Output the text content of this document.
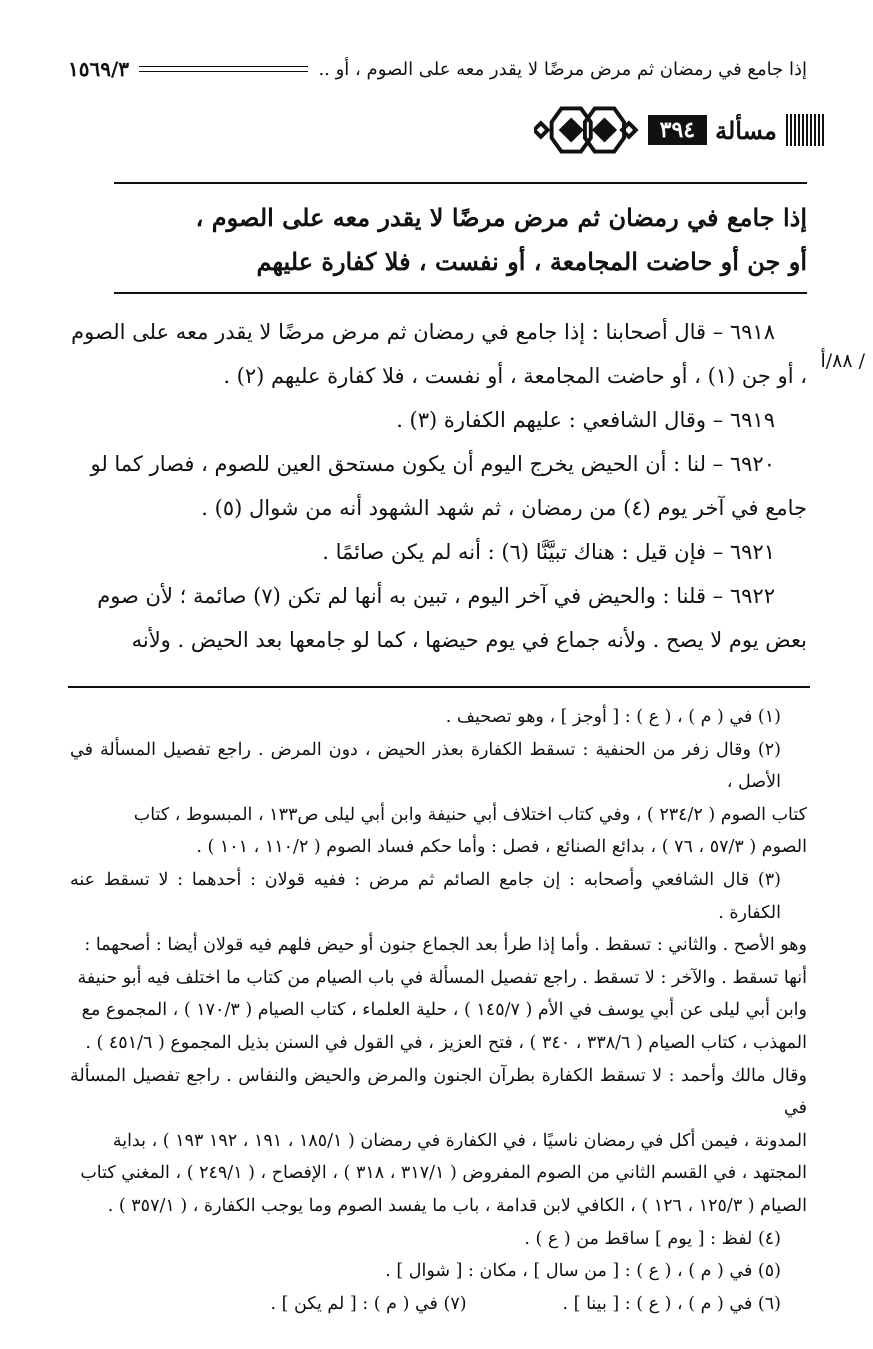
إذا جامع في رمضان ثم مرض مرضًا لا يقدر معه على الصوم ، أو ..
١٥٦٩/٣
مسألة
٣٩٤
إذا جامع في رمضان ثم مرض مرضًا لا يقدر معه على الصوم ،
أو جن أو حاضت المجامعة ، أو نفست ، فلا كفارة عليهم
٨٨/أ /
٦٩١٨ – قال أصحابنا : إذا جامع في رمضان ثم مرض مرضًا لا يقدر معه على الصوم
، أو جن (١) ، أو حاضت المجامعة ، أو نفست ، فلا كفارة عليهم (٢) .
٦٩١٩ – وقال الشافعي : عليهم الكفارة (٣) .
٦٩٢٠ – لنا : أن الحيض يخرج اليوم أن يكون مستحق العين للصوم ، فصار كما لو
جامع في آخر يوم (٤) من رمضان ، ثم شهد الشهود أنه من شوال (٥) .
٦٩٢١ – فإن قيل : هناك تبيَّنَّا (٦) : أنه لم يكن صائمًا .
٦٩٢٢ – قلنا : والحيض في آخر اليوم ، تبين به أنها لم تكن (٧) صائمة ؛ لأن صوم
بعض يوم لا يصح . ولأنه جماع في يوم حيضها ، كما لو جامعها بعد الحيض . ولأنه
(١) في ( م ) ، ( ع ) : [ أوجز ] ، وهو تصحيف .
(٢) وقال زفر من الحنفية : تسقط الكفارة بعذر الحيض ، دون المرض . راجع تفصيل المسألة في الأصل ،
كتاب الصوم ( ٢٣٤/٢ ) ، وفي كتاب اختلاف أبي حنيفة وابن أبي ليلى ص١٣٣ ، المبسوط ، كتاب
الصوم ( ٥٧/٣ ، ٧٦ ) ، بدائع الصنائع ، فصل : وأما حكم فساد الصوم ( ١١٠/٢ ، ١٠١ ) .
(٣) قال الشافعي وأصحابه : إن جامع الصائم ثم مرض : ففيه قولان : أحدهما : لا تسقط عنه الكفارة .
وهو الأصح . والثاني : تسقط . وأما إذا طرأ بعد الجماع جنون أو حيض فلهم فيه قولان أيضا : أصحهما :
أنها تسقط . والآخر : لا تسقط . راجع تفصيل المسألة في باب الصيام من كتاب ما اختلف فيه أبو حنيفة
وابن أبي ليلى عن أبي يوسف في الأم ( ١٤٥/٧ ) ، حلية العلماء ، كتاب الصيام ( ١٧٠/٣ ) ، المجموع مع
المهذب ، كتاب الصيام ( ٣٣٨/٦ ، ٣٤٠ ) ، فتح العزيز ، في القول في السنن بذيل المجموع ( ٤٥١/٦ ) .
وقال مالك وأحمد : لا تسقط الكفارة بطرآن الجنون والمرض والحيض والنفاس . راجع تفصيل المسألة في
المدونة ، فيمن أكل في رمضان ناسيًا ، في الكفارة في رمضان ( ١٨٥/١ ، ١٩١ ، ١٩٢ ١٩٣ ) ، بداية
المجتهد ، في القسم الثاني من الصوم المفروض ( ٣١٧/١ ، ٣١٨ ) ، الإفصاح ، ( ٢٤٩/١ ) ، المغني كتاب
الصيام ( ١٢٥/٣ ، ١٢٦ ) ، الكافي لابن قدامة ، باب ما يفسد الصوم وما يوجب الكفارة ، ( ٣٥٧/١ ) .
(٤) لفظ : [ يوم ] ساقط من ( ع ) .
(٥) في ( م ) ، ( ع ) : [ من سال ] ، مكان : [ شوال ] .
(٦) في ( م ) ، ( ع ) : [ بينا ] .
(٧) في ( م ) : [ لم يكن ] .
